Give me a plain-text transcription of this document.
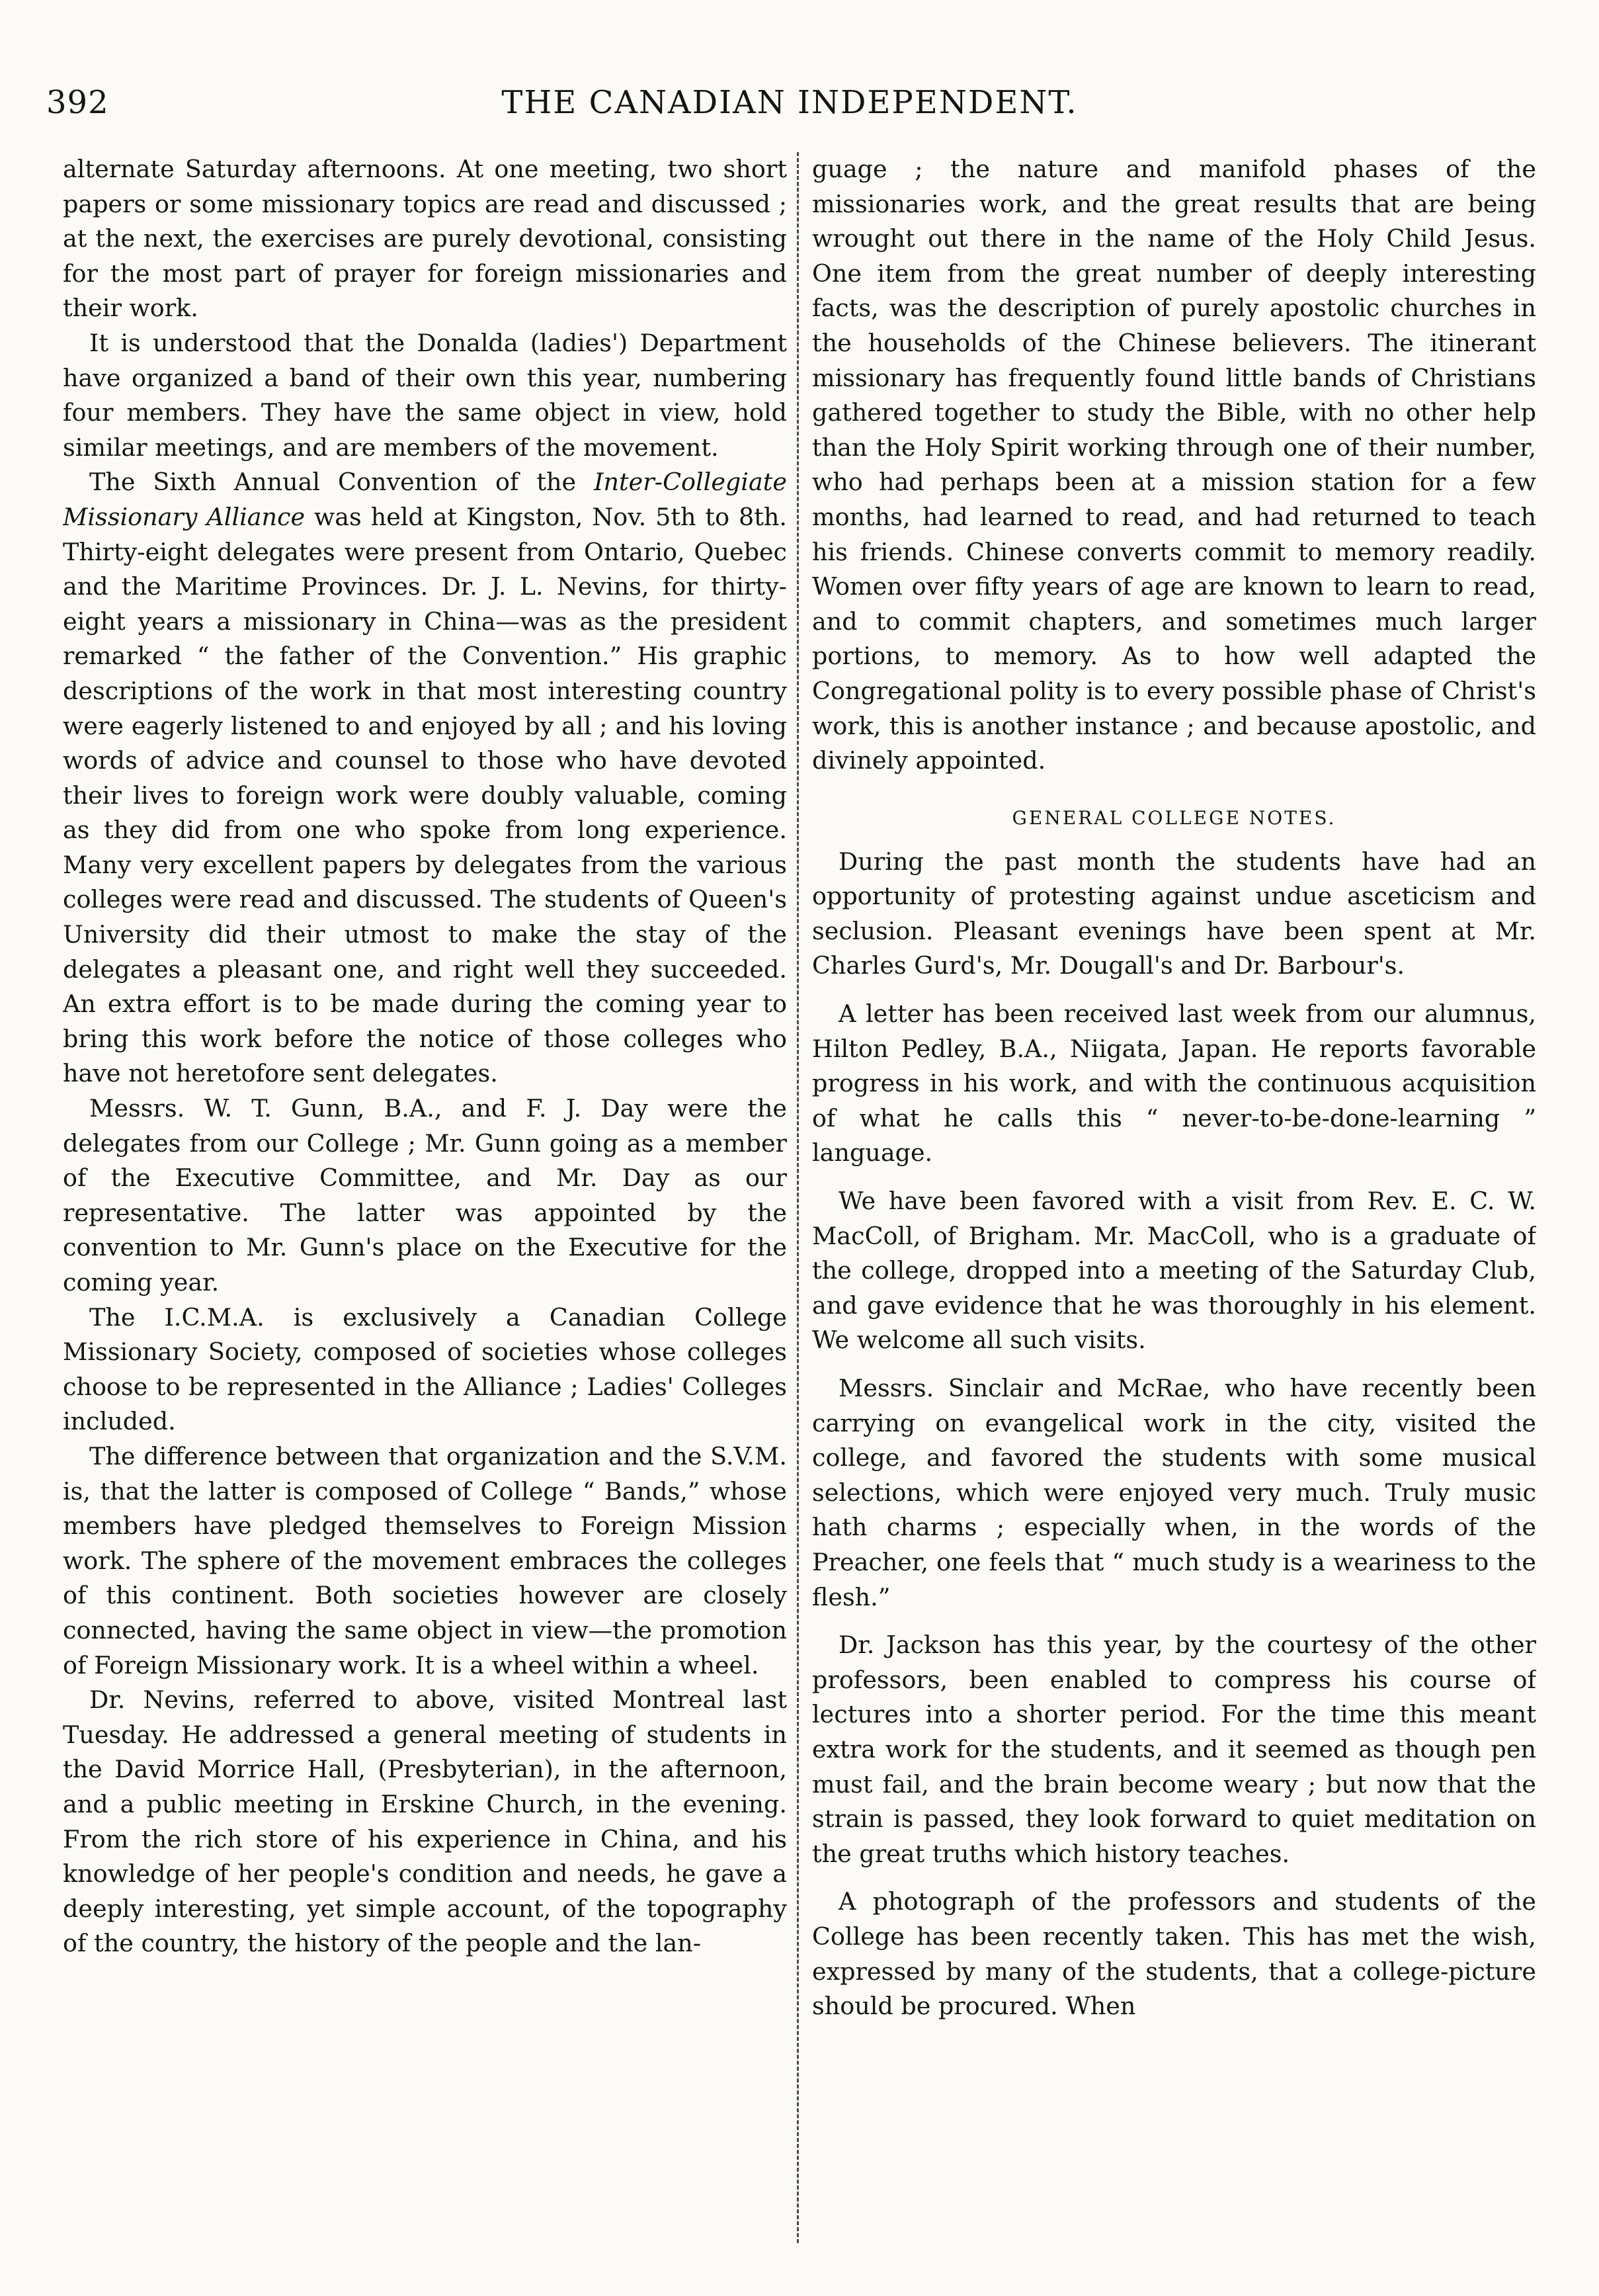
392	THE CANADIAN INDEPENDENT.

alternate Saturday afternoons. At one meeting, two short papers or some missionary topics are read and discussed ; at the next, the exercises are purely devotional, consisting for the most part of prayer for foreign missionaries and their work.

It is understood that the Donalda (ladies') Department have organized a band of their own this year, numbering four members. They have the same object in view, hold similar meetings, and are members of the movement.

The Sixth Annual Convention of the Inter-Collegiate Missionary Alliance was held at Kingston, Nov. 5th to 8th. Thirty-eight delegates were present from Ontario, Quebec and the Maritime Provinces. Dr. J. L. Nevins, for thirty-eight years a missionary in China—was as the president remarked “ the father of the Convention.” His graphic descriptions of the work in that most interesting country were eagerly listened to and enjoyed by all ; and his loving words of advice and counsel to those who have devoted their lives to foreign work were doubly valuable, coming as they did from one who spoke from long experience. Many very excellent papers by delegates from the various colleges were read and discussed. The students of Queen's University did their utmost to make the stay of the delegates a pleasant one, and right well they succeeded. An extra effort is to be made during the coming year to bring this work before the notice of those colleges who have not heretofore sent delegates.

Messrs. W. T. Gunn, B.A., and F. J. Day were the delegates from our College ; Mr. Gunn going as a member of the Executive Committee, and Mr. Day as our representative. The latter was appointed by the convention to Mr. Gunn's place on the Executive for the coming year.

The I.C.M.A. is exclusively a Canadian College Missionary Society, composed of societies whose colleges choose to be represented in the Alliance ; Ladies' Colleges included.

The difference between that organization and the S.V.M. is, that the latter is composed of College “ Bands,” whose members have pledged themselves to Foreign Mission work. The sphere of the movement embraces the colleges of this continent. Both societies however are closely connected, having the same object in view—the promotion of Foreign Missionary work. It is a wheel within a wheel.

Dr. Nevins, referred to above, visited Montreal last Tuesday. He addressed a general meeting of students in the David Morrice Hall, (Presbyterian), in the afternoon, and a public meeting in Erskine Church, in the evening. From the rich store of his experience in China, and his knowledge of her people's condition and needs, he gave a deeply interesting, yet simple account, of the topography of the country, the history of the people and the lan-

guage ; the nature and manifold phases of the missionaries work, and the great results that are being wrought out there in the name of the Holy Child Jesus. One item from the great number of deeply interesting facts, was the description of purely apostolic churches in the households of the Chinese believers. The itinerant missionary has frequently found little bands of Christians gathered together to study the Bible, with no other help than the Holy Spirit working through one of their number, who had perhaps been at a mission station for a few months, had learned to read, and had returned to teach his friends. Chinese converts commit to memory readily. Women over fifty years of age are known to learn to read, and to commit chapters, and sometimes much larger portions, to memory. As to how well adapted the Congregational polity is to every possible phase of Christ's work, this is another instance ; and because apostolic, and divinely appointed.

GENERAL COLLEGE NOTES.

During the past month the students have had an opportunity of protesting against undue asceticism and seclusion. Pleasant evenings have been spent at Mr. Charles Gurd's, Mr. Dougall's and Dr. Barbour's.

A letter has been received last week from our alumnus, Hilton Pedley, B.A., Niigata, Japan. He reports favorable progress in his work, and with the continuous acquisition of what he calls this “ never-to-be-done-learning ” language.

We have been favored with a visit from Rev. E. C. W. MacColl, of Brigham. Mr. MacColl, who is a graduate of the college, dropped into a meeting of the Saturday Club, and gave evidence that he was thoroughly in his element. We welcome all such visits.

Messrs. Sinclair and McRae, who have recently been carrying on evangelical work in the city, visited the college, and favored the students with some musical selections, which were enjoyed very much. Truly music hath charms ; especially when, in the words of the Preacher, one feels that “ much study is a weariness to the flesh.”

Dr. Jackson has this year, by the courtesy of the other professors, been enabled to compress his course of lectures into a shorter period. For the time this meant extra work for the students, and it seemed as though pen must fail, and the brain become weary ; but now that the strain is passed, they look forward to quiet meditation on the great truths which history teaches.

A photograph of the professors and students of the College has been recently taken. This has met the wish, expressed by many of the students, that a college-picture should be procured. When
